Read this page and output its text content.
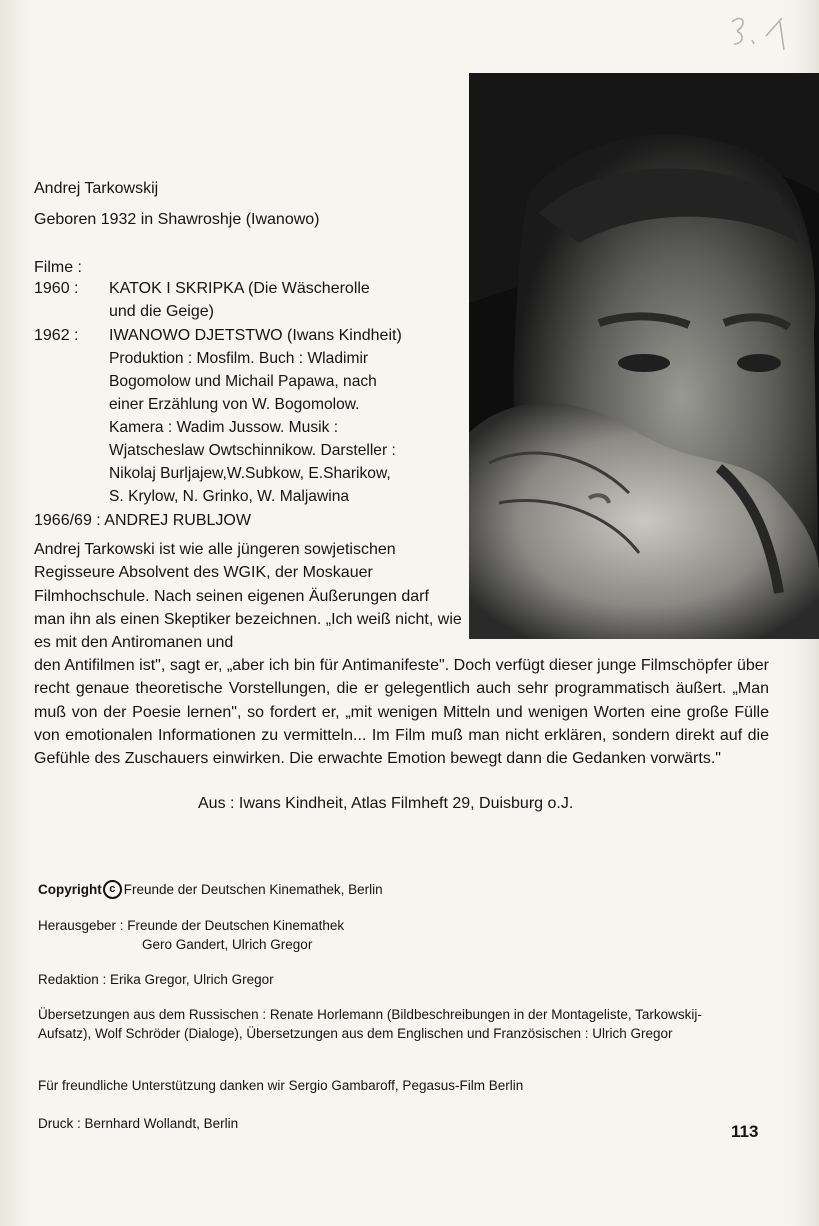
Andrej Tarkowskij
Geboren 1932 in Shawroshje (Iwanowo)
Filme :
1960 : KATOK I SKRIPKA (Die Wäscherolle
und die Geige)
1962 : IWANOWO DJETSTWO (Iwans Kindheit)
Produktion : Mosfilm. Buch : Wladimir
Bogomolow und Michail Papawa, nach
einer Erzählung von W. Bogomolow.
Kamera : Wadim Jussow. Musik :
Wjatscheslaw Owtschinnikow. Darsteller :
Nikolaj Burljajew,W.Subkow, E.Sharikow,
S. Krylow, N. Grinko, W. Maljawina
1966/69 : ANDREJ RUBLJOW

Andrej Tarkowski ist wie alle jüngeren sowjetischen Regisseure Absolvent des WGIK, der Moskauer Filmhochschule. Nach seinen eigenen Äußerungen darf man ihn als einen Skeptiker bezeichnen. „Ich weiß nicht, wie es mit den Antiromanen und

den Antifilmen ist", sagt er, „aber ich bin für Antimanifeste". Doch verfügt dieser junge Filmschöpfer über recht genaue theoretische Vorstellungen, die er gelegentlich auch sehr programmatisch äußert. „Man muß von der Poesie lernen", so fordert er, „mit wenigen Mitteln und wenigen Worten eine große Fülle von emotionalen Informationen zu vermitteln... Im Film muß man nicht erklären, sondern direkt auf die Gefühle des Zuschauers einwirken. Die erwachte Emotion bewegt dann die Gedanken vorwärts."

Aus : Iwans Kindheit, Atlas Filmheft 29, Duisburg o.J.
Copyright c Freunde der Deutschen Kinemathek, Berlin
Herausgeber : Freunde der Deutschen Kinemathek
Gero Gandert, Ulrich Gregor
Redaktion : Erika Gregor, Ulrich Gregor
Übersetzungen aus dem Russischen : Renate Horlemann (Bildbeschreibungen in der Montageliste, Tarkowskij-Aufsatz), Wolf Schröder (Dialoge), Übersetzungen aus dem Englischen und Französischen : Ulrich Gregor
Für freundliche Unterstützung danken wir Sergio Gambaroff, Pegasus-Film Berlin
Druck : Bernhard Wollandt, Berlin	113
